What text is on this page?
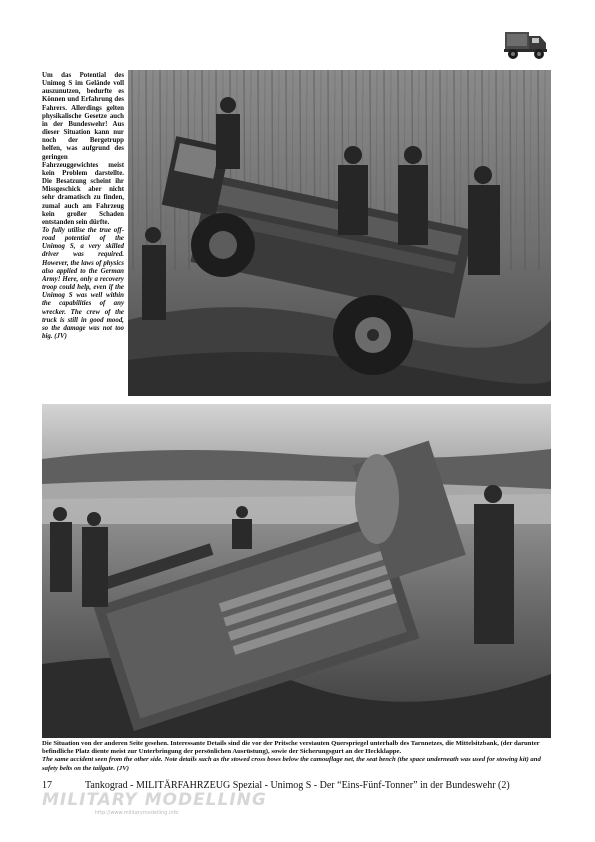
Um das Potential des Unimog S im Gelände voll auszunutzen, bedurfte es Können und Erfahrung des Fahrers. Allerdings gelten physikalische Gesetze auch in der Bundeswehr! Aus dieser Situation kann nur noch der Bergetrupp helfen, was aufgrund des geringen Fahrzeuggewichtes meist kein Problem darstellte. Die Besatzung scheint ihr Missgeschick aber nicht sehr dramatisch zu finden, zumal auch am Fahrzeug kein großer Schaden entstanden sein dürfte.
To fully utilise the true off-road potential of the Unimog S, a very skilled driver was required. However, the laws of physics also applied to the German Army! Here, only a recovery troop could help, even if the Unimog S was well within the capabilities of any wrecker. The crew of the truck is still in good mood, so the damage was not too big. (JV)
Die Situation von der anderen Seite gesehen. Interessante Details sind die vor der Pritsche verstauten Querspriegel unterhalb des Tarnnetzes, die Mittelsitzbank, (der darunter befindliche Platz diente meist zur Unterbringung der persönlichen Ausrüstung), sowie der Sicherungsgurt an der Heckklappe.
The same accident seen from the other side. Note details such as the stowed cross bows below the camouflage net, the seat bench (the space underneath was used for stowing kit) and safety belts on the tailgate. (JV)
17	Tankograd - MILITÄRFAHRZEUG Spezial - Unimog S - Der “Eins-Fünf-Tonner” in der Bundeswehr (2)
MILITARY MODELLING
http://www.militarymodelling.info
